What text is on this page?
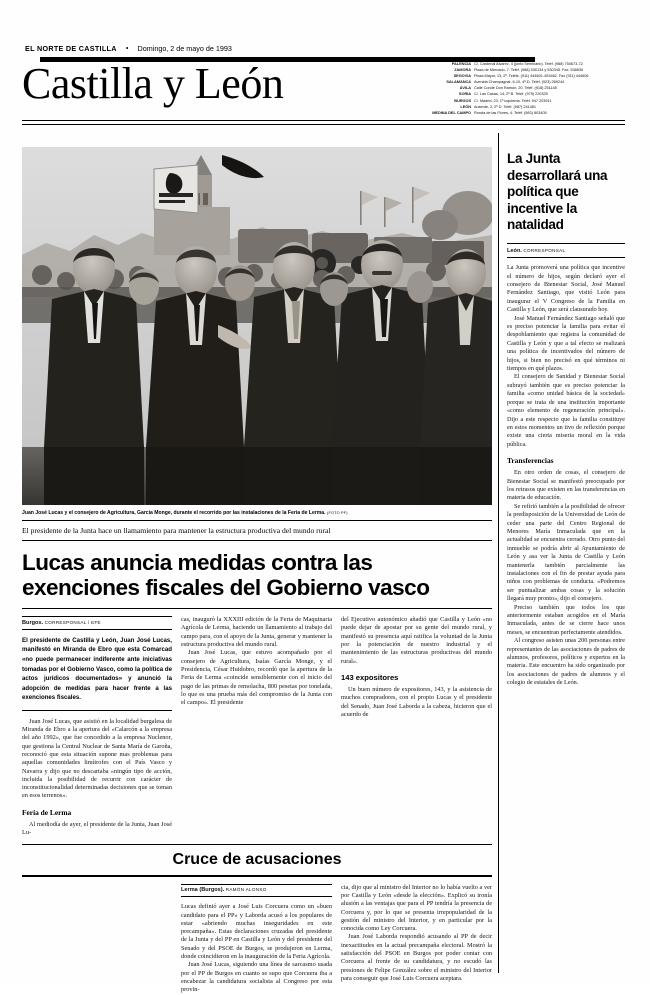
EL NORTE DE CASTILLA	•	Domingo, 2 de mayo de 1993
Castilla y León	PALENCIA C/. Cardenal Alvarez, 4 (junto Seminario). Teléf. (988) 750673-72
ZAMORA Plaza de Mercado, 7. Teléf. (988) 530134 y 530345. Fax. 538636
SEGOVIA Plaza Mayor, 13, 2º. Teléfs. (911) 444601-453462. Fax (911) 444606
SALAMANCA Avenida Champagnat, 6-10, 4º-D. Teléf. (923) 269244
ÁVILA Calle Conde Don Ramón, 20. Teléf. (918) 251148
SORIA C/. Las Casas, 14, 2º B. Teléf. (975) 220325
BURGOS C/. Madrid, 23, 1º izquierda. Teléf. 947 203911
LEÓN Ausente, 2, 2º D. Teléf. (987) 241481
MEDINA DEL CAMPO Ronda de las Flores, 4. Teléf. (983) 803405
Juan José Lucas y el consejero de Agricultura, García Monge, durante el recorrido por las instalaciones de la Feria de Lerma. (FOTO PF)
El presidente de la Junta hace un llamamiento para mantener la estructura productiva del mundo rural
Lucas anuncia medidas contra las exenciones fiscales del Gobierno vasco
Burgos. CORRESPONSAL / EFE
El presidente de Castilla y León, Juan José Lucas, manifestó en Miranda de Ebro que esta Comarcad «no puede permanecer indiferente ante iniciativas tomadas por el Gobierno Vasco, como la política de actos jurídicos documentados» y anunció la adopción de medidas para hacer frente a las exenciones fiscales.

Juan José Lucas, que asistió en la localidad burgalesa de Miranda de Ebro a la apertura del «Calarcón a la empresa del año 1992», que fue concedido a la empresa Nuclenor, que gestiona la Central Nuclear de Santa María de Garoña, reconoció que esta situación supone mas problemas para aquellas comunidades limítrofes con el País Vasco y Navarra y dijo que no descartaba «ningún tipo de acción, incluida la posibilidad de recurrir con carácter de inconstitucionalidad determinadas decisiones que se toman en esos terrenos».

Feria de Lerma

Al mediodía de ayer, el presidente de la Junta, Juan José Lu-

cas, inauguró la XXXIII edición de la Feria de Maquinaria Agrícola de Lerma, haciendo un llamamiento al trabajo del campo para, con el apoyo de la Junta, generar y mantener la estructura productiva del mundo rural.

Juan José Lucas, que estuvo acompañado por el consejero de Agricultura, Isaías García Monge, y el Presidencia, César Huidobro, recordó que la apertura de la Feria de Lerma «coincide sensiblemente con el inicio del pago de las primas de remolacha, 800 pesetas por tonelada, lo que es una prueba más del compromiso de la Junta con el campo». El presidente

del Ejecutivo autonómico añadió que Castilla y León «no puede dejar de apostar por su gente del mundo rural, y manifestó su presencia aquí ratifica la voluntad de la Junta por la potenciación de nuestro industrial y el mantenimiento de las estructuras productivas del mundo rural».

143 expositores

Un buen número de expositores, 143, y la asistencia de muchos compradores, con el propio Lucas y el presidente del Senado, Juan José Laborda a la cabeza, hicieron que el acuerdo de

Cruce de acusaciones
Lerma (Burgos). RAMÓN ALONSO

Lucas definió ayer a José Luis Corcuera como un «buen candidato para el PP» y Laborda acusó a los populares de estar «abriendo muchas inseguridades en este precampaña». Estas declaraciones cruzadas del presidente de la Junta y del PP en Castilla y León y del presidente del Senado y del PSOE de Burgos, se produjeron en Lerma, donde coincidieron en la inauguración de la Feria Agrícola.

Juan José Lucas, siguiendo una línea de sarcasmo usada por el PP de Burgos en cuanto se supo que Corcuera iba a encabezar la candidatura socialista al Congreso por esta provin-

cia, dijo que al ministro del Interior no lo había vuelto a ver por Castilla y León «desde la elección». Explicó su ironía alusión a las ventajas que para el PP tendría la presencia de Corcuera y, por lo que se presenta irrepopularidad de la gestión del ministro del Interior, y en particular por la conocida como Ley Corcuera.

Juan José Laborda respondió acusando al PP de decir inexactitudes en la actual precampaña electoral. Mostró la satisfacción del PSOE en Burgos por poder contar con Corcuera al frente de su candidatura, y no escudó las presiones de Felipe González sobre el ministro del Interior para conseguir que José Luis Corcuera aceptara.

La Junta desarrollará una política que incentive la natalidad
León. CORRESPONSAL

La Junta promoverá una política que incentive el número de hijos, según declaró ayer el consejero de Bienestar Social, José Manuel Fernández Santiago, que visitó León para inaugurar el V Congreso de la Familia en Castilla y León, que será clausurado hoy.

José Manuel Fernández Santiago señaló que es preciso potenciar la familia para evitar el despoblamiento que registra la comunidad de Castilla y León y que a tal efecto se realizará una política de incentivados del número de hijos, si bien no precisó en qué términos ni tiempos en qué plazos.

El consejero de Sanidad y Bienestar Social subrayó también que es preciso potenciar la familia «como unidad básica de la sociedad» porque se trata de una institución importante «como elemento de regeneración principal». Dijo a este respecto que la familia constituye en estos momentos un tivo de reflexión porque existe una cierta miseria moral en la vida pública.

Transferencias

En otro orden de cosas, el consejero de Bienestar Social se manifestó preocupado por los retrasos que existen en las transferencias en materia de educación.

Se refirió también a la posibilidad de ofrecer la predisposición de la Universidad de León de ceder una parte del Centro Regional de Menores María Inmaculada que en la actualidad se encuentra cerrado. Otro punto del inmueble se podría abrir al Ayuntamiento de León y asa ver la Junta de Castilla y León mantenerla también parcialmente las instalaciones con el fin de prestar ayuda para niños con problemas de conducta. «Podremos ser puntualizar ambas cosas y la solución llegará muy pronto», dijo el consejero.

Preciso también que todos los que anteriormente estaban acogidos en el María Inmaculada, antes de se cierre hace unos meses, se encuentran perfectamente atendidos.

Al congreso asisten unas 200 personas entre representantes de las asociaciones de padres de alumnos, profesores, políticos y expertos en la materia. Este encuentro ha sido organizado por los asociaciones de padres de alumnos y el colegio de estatales de León.
